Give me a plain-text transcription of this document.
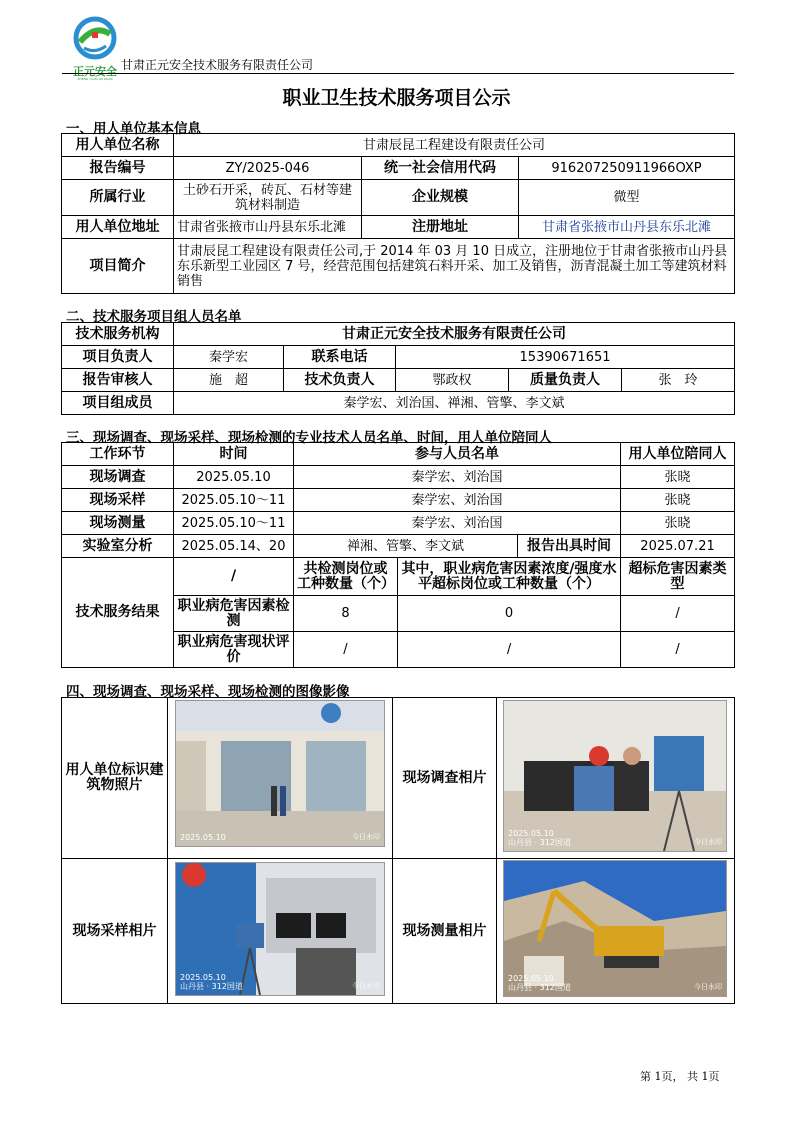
正元安全
ZHENG YUAN AN QUAN
甘肃正元安全技术服务有限责任公司
职业卫生技术服务项目公示
一、用人单位基本信息
用人单位名称	甘肃辰昆工程建设有限责任公司		
报告编号	ZY/2025-046	统一社会信用代码	916207250911966OXP
所属行业	土砂石开采，砖瓦、石材等建筑材料制造	企业规模	微型
用人单位地址	甘肃省张掖市山丹县东乐北滩	注册地址	甘肃省张掖市山丹县东乐北滩
项目简介	甘肃辰昆工程建设有限责任公司,于 2014 年 03 月 10 日成立，注册地位于甘肃省张掖市山丹县东乐新型工业园区 7 号，经营范围包括建筑石料开采、加工及销售，沥青混凝土加工等建筑材料销售		
二、技术服务项目组人员名单
技术服务机构	甘肃正元安全技术服务有限责任公司				
项目负责人	秦学宏	联系电话	15390671651		
报告审核人	施　超	技术负责人	鄂政权	质量负责人	张　玲
项目组成员	秦学宏、刘治国、禅湘、管擎、李文斌				
三、现场调查、现场采样、现场检测的专业技术人员名单、时间，用人单位陪同人
工作环节	时间	参与人员名单			用人单位陪同人
现场调查	2025.05.10	秦学宏、刘治国			张晓
现场采样	2025.05.10～11	秦学宏、刘治国			张晓
现场测量	2025.05.10～11	秦学宏、刘治国			张晓
实验室分析	2025.05.14、20	禅湘、管擎、李文斌		报告出具时间	2025.07.21
技术服务结果	/	共检测岗位或工种数量（个）	其中，职业病危害因素浓度/强度水平超标岗位或工种数量（个）		超标危害因素类型
	职业病危害因素检测	8	0		/
	职业病危害现状评价	/	/		/
四、现场调查、现场采样、现场检测的图像影像
用人单位标识建筑物照片		现场调查相片	
现场采样相片		现场测量相片	
2025.05.10	今日水印	2025.05.10
山丹县 · 312国道	今日水印
2025.05.10
山丹县 · 312国道	今日水印
2025.05.10
山丹县 · 312国道	今日水印
第 1页， 共 1页
